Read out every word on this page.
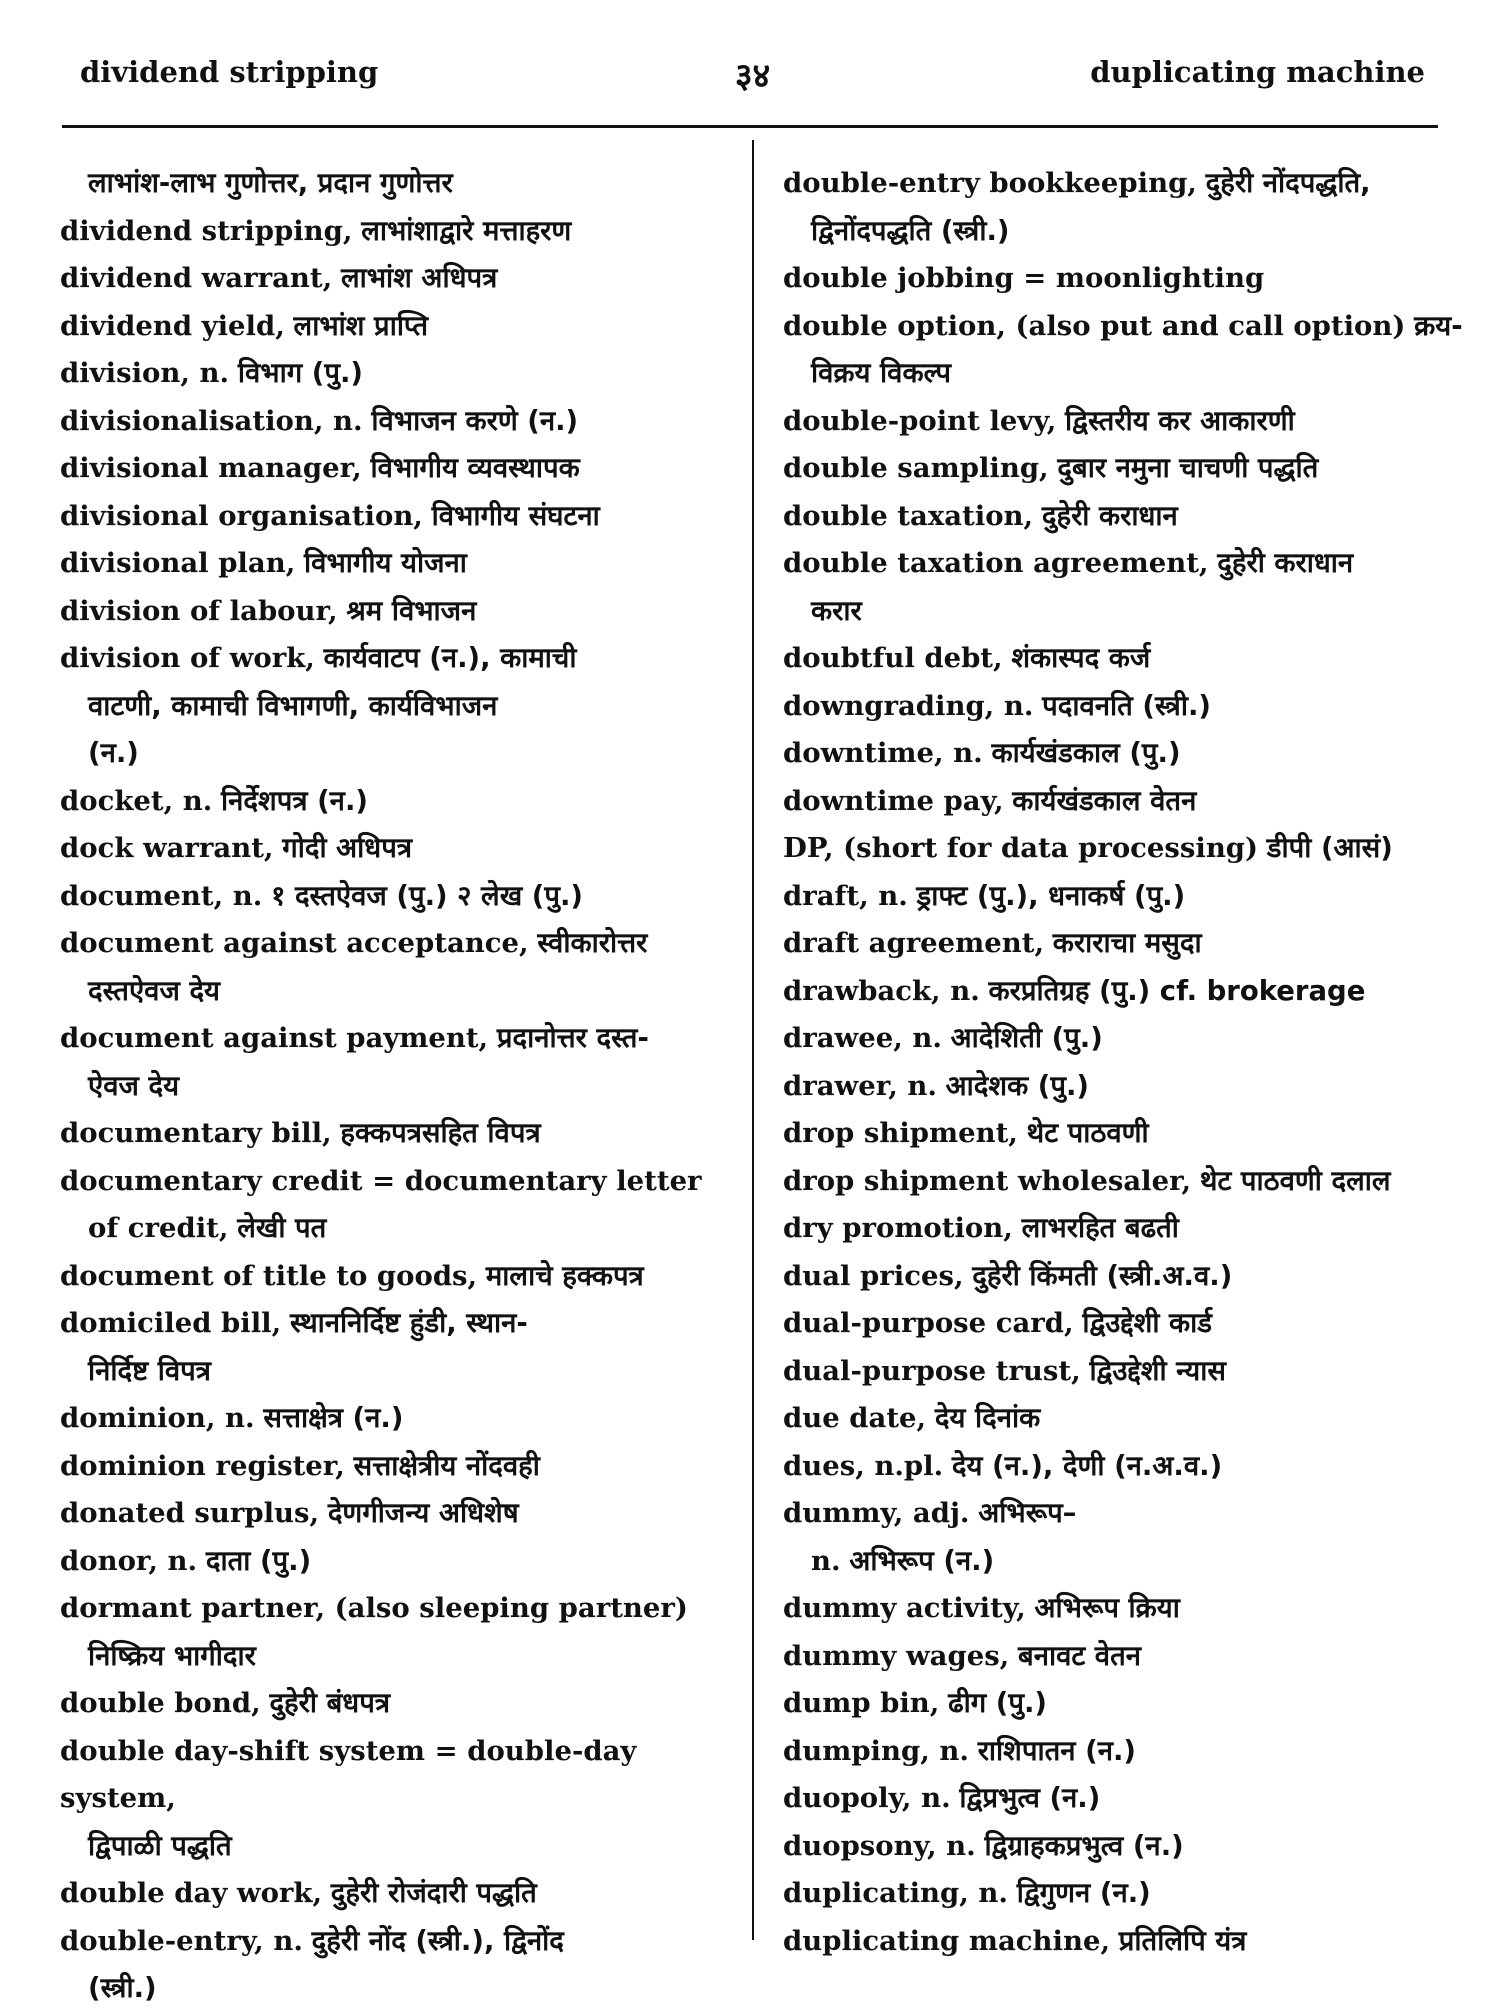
dividend stripping	३४	duplicating machine
लाभांश-लाभ गुणोत्तर, प्रदान गुणोत्तर
dividend stripping, लाभांशाद्वारे मत्ताहरण
dividend warrant, लाभांश अधिपत्र
dividend yield, लाभांश प्राप्ति
division, n. विभाग (पु.)
divisionalisation, n. विभाजन करणे (न.)
divisional manager, विभागीय व्यवस्थापक
divisional organisation, विभागीय संघटना
divisional plan, विभागीय योजना
division of labour, श्रम विभाजन
division of work, कार्यवाटप (न.), कामाची
वाटणी, कामाची विभागणी, कार्यविभाजन
(न.)
docket, n. निर्देशपत्र (न.)
dock warrant, गोदी अधिपत्र
document, n. १ दस्तऐवज (पु.) २ लेख (पु.)
document against acceptance, स्वीकारोत्तर
दस्तऐवज देय
document against payment, प्रदानोत्तर दस्त-
ऐवज देय
documentary bill, हक्कपत्रसहित विपत्र
documentary credit = documentary letter
of credit, लेखी पत
document of title to goods, मालाचे हक्कपत्र
domiciled bill, स्थाननिर्दिष्ट हुंडी, स्थान-
निर्दिष्ट विपत्र
dominion, n. सत्ताक्षेत्र (न.)
dominion register, सत्ताक्षेत्रीय नोंदवही
donated surplus, देणगीजन्य अधिशेष
donor, n. दाता (पु.)
dormant partner, (also sleeping partner)
निष्क्रिय भागीदार
double bond, दुहेरी बंधपत्र
double day-shift system = double-day system,
द्विपाळी पद्धति
double day work, दुहेरी रोजंदारी पद्धति
double-entry, n. दुहेरी नोंद (स्त्री.), द्विनोंद
(स्त्री.)
double-entry bookkeeping, दुहेरी नोंदपद्धति,
द्विनोंदपद्धति (स्त्री.)
double jobbing = moonlighting
double option, (also put and call option) क्रय-
विक्रय विकल्प
double-point levy, द्विस्तरीय कर आकारणी
double sampling, दुबार नमुना चाचणी पद्धति
double taxation, दुहेरी कराधान
double taxation agreement, दुहेरी कराधान
करार
doubtful debt, शंकास्पद कर्ज
downgrading, n. पदावनति (स्त्री.)
downtime, n. कार्यखंडकाल (पु.)
downtime pay, कार्यखंडकाल वेतन
DP, (short for data processing) डीपी (आसं)
draft, n. ड्राफ्ट (पु.), धनाकर्ष (पु.)
draft agreement, कराराचा मसुदा
drawback, n. करप्रतिग्रह (पु.) cf. brokerage
drawee, n. आदेशिती (पु.)
drawer, n. आदेशक (पु.)
drop shipment, थेट पाठवणी
drop shipment wholesaler, थेट पाठवणी दलाल
dry promotion, लाभरहित बढती
dual prices, दुहेरी किंमती (स्त्री.अ.व.)
dual-purpose card, द्विउद्देशी कार्ड
dual-purpose trust, द्विउद्देशी न्यास
due date, देय दिनांक
dues, n.pl. देय (न.), देणी (न.अ.व.)
dummy, adj. अभिरूप–
n. अभिरूप (न.)
dummy activity, अभिरूप क्रिया
dummy wages, बनावट वेतन
dump bin, ढीग (पु.)
dumping, n. राशिपातन (न.)
duopoly, n. द्विप्रभुत्व (न.)
duopsony, n. द्विग्राहकप्रभुत्व (न.)
duplicating, n. द्विगुणन (न.)
duplicating machine, प्रतिलिपि यंत्र
